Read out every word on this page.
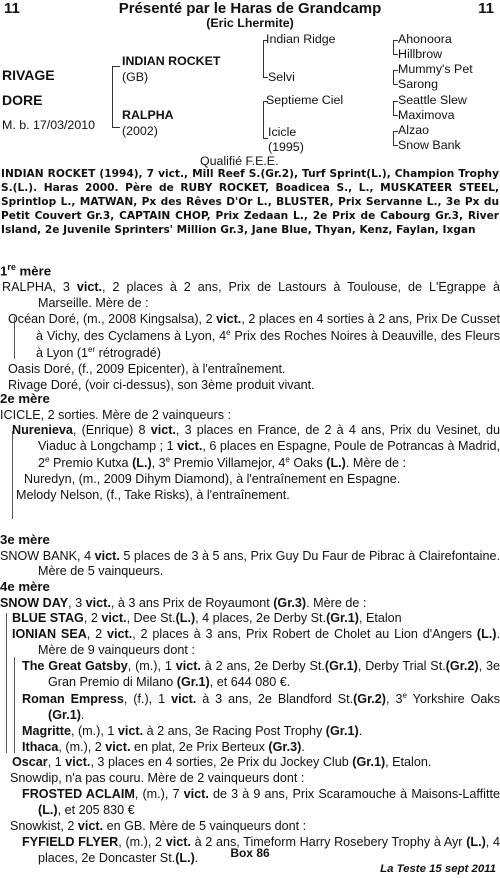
11	Présenté par le Haras de Grandcamp	11
(Eric Lhermite)
RIVAGE
DORE
M. b. 17/03/2010
INDIAN ROCKET
(GB)
RALPHA
(2002)
Indian Ridge
Selvi
Septieme Ciel
Icicle
(1995)
Ahonoora
Hillbrow
Mummy's Pet
Sarong
Seattle Slew
Maximova
Alzao
Snow Bank
Qualifié F.E.E.
INDIAN ROCKET (1994), 7 vict., Mill Reef S.(Gr.2), Turf Sprint(L.), Champion Trophy S.(L.). Haras 2000. Père de RUBY ROCKET, Boadicea S., L., MUSKATEER STEEL, Sprintlop L., MATWAN, Px des Rêves D'Or L., BLUSTER, Prix Servanne L., 3e Px du Petit Couvert Gr.3, CAPTAIN CHOP, Prix Zedaan L., 2e Prix de Cabourg Gr.3, River Island, 2e Juvenile Sprinters' Million Gr.3, Jane Blue, Thyan, Kenz, Faylan, Ixgan
1re mère
RALPHA, 3 vict., 2 places à 2 ans, Prix de Lastours à Toulouse, de L'Egrappe à Marseille. Mère de :
Océan Doré, (m., 2008 Kingsalsa), 2 vict., 2 places en 4 sorties à 2 ans, Prix De Cusset à Vichy, des Cyclamens à Lyon, 4e Prix des Roches Noires à Deauville, des Fleurs à Lyon (1er rétrogradé)
Oasis Doré, (f., 2009 Epicenter), à l'entraînement.
Rivage Doré, (voir ci-dessus), son 3ème produit vivant.
2e mère
ICICLE, 2 sorties. Mère de 2 vainqueurs :
Nurenieva, (Enrique) 8 vict., 3 places en France, de 2 à 4 ans, Prix du Vesinet, du Viaduc à Longchamp ; 1 vict., 6 places en Espagne, Poule de Potrancas à Madrid, 2e Premio Kutxa (L.), 3e Premio Villamejor, 4e Oaks (L.). Mère de :
Nuredyn, (m., 2009 Dihym Diamond), à l'entraînement en Espagne.
Melody Nelson, (f., Take Risks), à l'entraînement.
3e mère
SNOW BANK, 4 vict. 5 places de 3 à 5 ans, Prix Guy Du Faur de Pibrac à Clairefontaine. Mère de 5 vainqueurs.
4e mère
SNOW DAY, 3 vict., à 3 ans Prix de Royaumont (Gr.3). Mère de :
BLUE STAG, 2 vict., Dee St.(L.), 4 places, 2e Derby St.(Gr.1), Etalon
IONIAN SEA, 2 vict., 2 places à 3 ans, Prix Robert de Cholet au Lion d'Angers (L.). Mère de 9 vainqueurs dont :
The Great Gatsby, (m.), 1 vict. à 2 ans, 2e Derby St.(Gr.1), Derby Trial St.(Gr.2), 3e Gran Premio di Milano (Gr.1), et 644 080 €.
Roman Empress, (f.), 1 vict. à 3 ans, 2e Blandford St.(Gr.2), 3e Yorkshire Oaks (Gr.1).
Magritte, (m.), 1 vict. à 2 ans, 3e Racing Post Trophy (Gr.1).
Ithaca, (m.), 2 vict. en plat, 2e Prix Berteux (Gr.3).
Oscar, 1 vict., 3 places en 4 sorties, 2e Prix du Jockey Club (Gr.1), Etalon.
Snowdip, n'a pas couru. Mère de 2 vainqueurs dont :
FROSTED ACLAIM, (m.), 7 vict. de 3 à 9 ans, Prix Scaramouche à Maisons-Laffitte (L.), et 205 830 €
Snowkist, 2 vict. en GB. Mère de 5 vainqueurs dont :
FYFIELD FLYER, (m.), 2 vict. à 2 ans, Timeform Harry Rosebery Trophy à Ayr (L.), 4 places, 2e Doncaster St.(L.).	Box 86
La Teste 15 sept 2011
